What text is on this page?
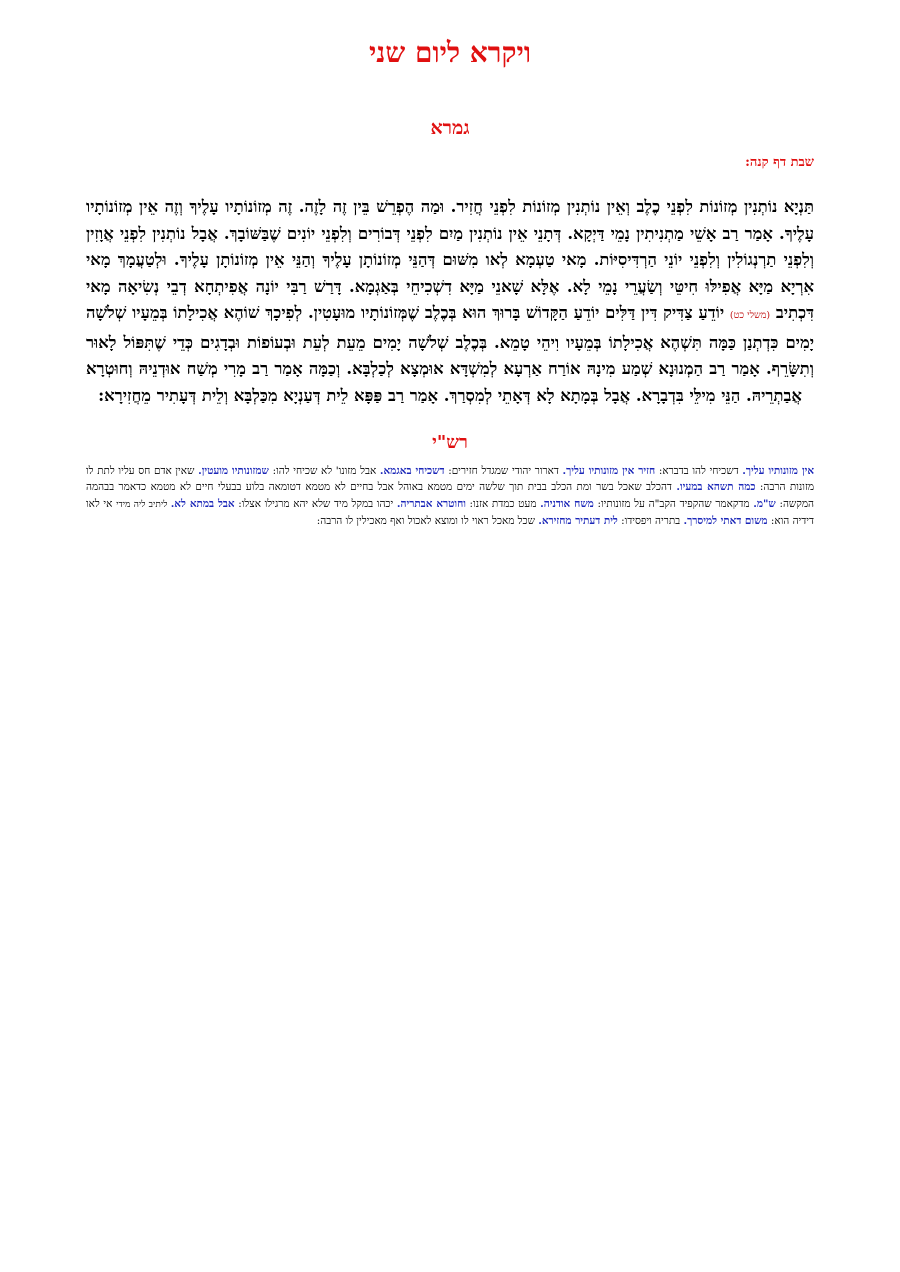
ויקרא ליום שני
גמרא
שבת דף קנה:
תַּנְיָא נוֹתְנִין מְזוֹנוֹת לִפְנֵי כֶלֶב וְאֵין נוֹתְנִין מְזוֹנוֹת לִפְנֵי חֲזִיר. וּמַה הֶפְרֵשׁ בֵּין זֶה לָזֶה. זֶה מְזוֹנוֹתָיו עָלֶיךָ וְזֶה אֵין מְזוֹנוֹתָיו עָלֶיךָ. אָמַר רַב אָשֵׁי מַתְנִיתִין נָמֵי דַּיְקָא. דְּתָנֵי אֵין נוֹתְנִין מַיִם לִפְנֵי דְּבוֹרִים וְלִפְנֵי יוֹנִים שֶׁבַּשּׁוֹבָךְ. אֲבָל נוֹתְנִין לִפְנֵי אֲוָזִין וְלִפְנֵי תַרְנְגוֹלִין וְלִפְנֵי יוֹנֵי הַרְדִּיסִיּוֹת. מָאי טַעְמָא לְאו מִשּׁוּם דְּהַנֵּי מְזוֹנוֹתָן עָלֶיךָ וְהַנֵּי אֵין מְזוֹנוֹתָן עָלֶיךָ. וּלְטַעֲמָךְ מָאי אִרְיָא מַיָּא אֲפִילּוּ חִיטֵּי וְשַׂעֲרֵי נָמֵי לָא. אֶלָּא שָׁאנֵי מַיָּא דִשְׁכִיחֵי בְּאַגְמָא. דָּרַשׁ רַבִּי יוֹנָה אֲפִיתְחָא דְבֵי נְשִׂיאָה מָאי דִּכְתִיב (משלי כט) יוֹדֵעַ צַדִּיק דִּין דַּלִּים יוֹדֵעַ הַקָּדוֹשׁ בָּרוּךְ הוּא בְּכֶלֶב שֶׁמְּזוֹנוֹתָיו מוּעָטִין. לְפִיכָךְ שׁוֹהֶא אֲכִילָתוֹ בְּמֵעָיו שְׁלֹשָׁה יָמִים כִּדְתְנַן כַּמָּה תִּשְׁהֶא אֲכִילָתוֹ בְּמֵעָיו וִיהֵי טָמֵא. בְּכֶלֶב שְׁלֹשָׁה יָמִים מֵעֵת לְעֵת וּבְעוֹפוֹת וּבְדָגִים כְּדֵי שֶׁתִּפּוֹל לָאוּר וְתִשָּׂרֵף. אָמַר רַב הַמְנוּנָא שְׁמַע מִינָהּ אוֹרַח אַרְעָא לְמִשְׁדָּא אוּמְצָא לְכַלְבָּא. וְכַמָּה אָמַר רַב מָרִי מְשַׁח אוּדְנֵיהּ וְחוּטְרָא אֲבַתְרֵיהּ. הַנֵּי מִילֵּי בִּדְבָרָא. אֲבָל בְּמָתָא לָא דְּאָתֵי לְמִסְרַךְ. אָמַר רַב פַּפָּא לֵית דְּעַנְיָא מִכַּלְבָּא וְלֵית דְּעָתִיר מֵחֲזִירָא:
רש"י
אין מזונותיו עליך. דשכיחי להו בדברא: חזיר אין מזונותיו עליך. דארור יהודי שמגדל חזירים: דשכיחי באגמא. אבל מזונו' לא שכיחי להו: שמזונותיו מועטין. שאין אדם חס עליו לתת לו מזונות הרבה: כמה תשהא במעיו. דהכלב שאכל בשר ומת הכלב בבית תוך שלשה ימים מטמא באוהל אבל בחיים לא מטמא דטומאה בלוע בבעלי חיים לא מטמא כדאמר בבהמה המקשה: ש"מ. מדקאמר שהקפיד הקב"ה על מזונותיו: משח אודניה. מעט כמדת אזנו: וחוטרא אבתריה. יכהו במקל מיד שלא יהא מרגילו אצלו: אבל במתא לא. ליתיב ליה מידי אי לאו דידיה הוא: משום דאתי למיסרך. בתריה ויפסידו: לית דעתיר מחזירא. שכל מאכל ראוי לו ומוצא לאכול ואף מאכילין לו הרבה:
